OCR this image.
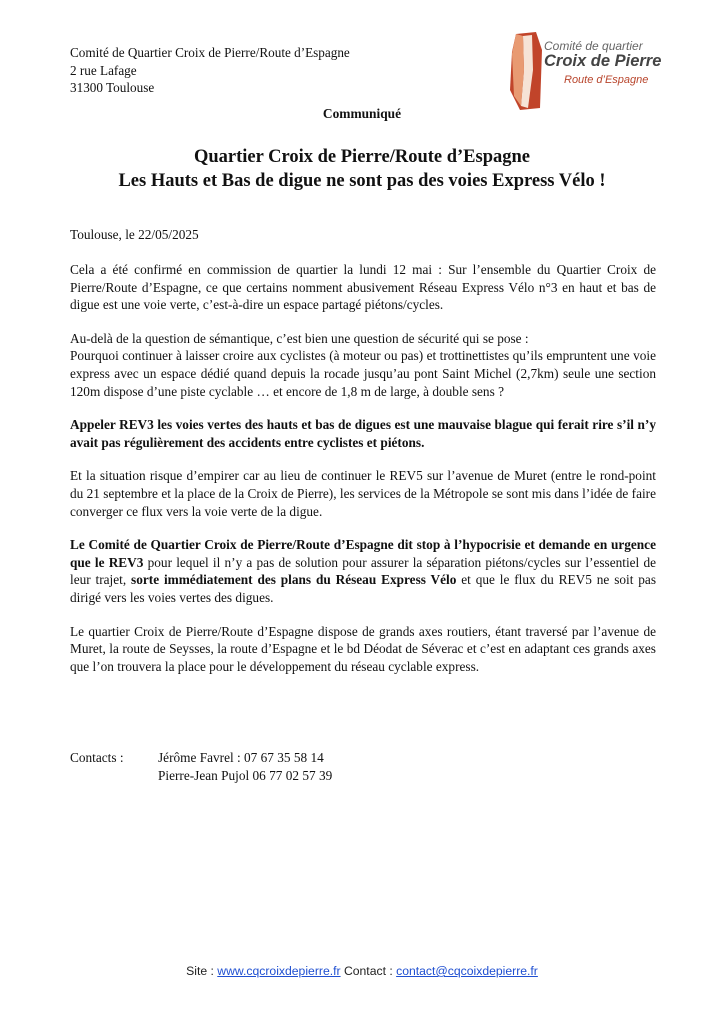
Comité de Quartier Croix de Pierre/Route d’Espagne
2 rue Lafage
31300 Toulouse
Comité de quartier
Croix de Pierre
Route d’Espagne
Communiqué
Quartier Croix de Pierre/Route d’Espagne
Les Hauts et Bas de digue ne sont pas des voies Express Vélo !
Toulouse, le 22/05/2025

Cela a été confirmé en commission de quartier la lundi 12 mai : Sur l’ensemble du Quartier Croix de Pierre/Route d’Espagne, ce que certains nomment abusivement Réseau Express Vélo n°3 en haut et bas de digue est une voie verte, c’est-à-dire un espace partagé piétons/cycles.

Au-delà de la question de sémantique, c’est bien une question de sécurité qui se pose :
Pourquoi continuer à laisser croire aux cyclistes (à moteur ou pas) et trottinettistes qu’ils empruntent une voie express avec un espace dédié quand depuis la rocade jusqu’au pont Saint Michel (2,7km) seule une section 120m dispose d’une piste cyclable … et encore de 1,8 m de large, à double sens ?

Appeler REV3 les voies vertes des hauts et bas de digues est une mauvaise blague qui ferait rire s’il n’y avait pas régulièrement des accidents entre cyclistes et piétons.

Et la situation risque d’empirer car au lieu de continuer le REV5 sur l’avenue de Muret (entre le rond-point du 21 septembre et la place de la Croix de Pierre), les services de la Métropole se sont mis dans l’idée de faire converger ce flux vers la voie verte de la digue.

Le Comité de Quartier Croix de Pierre/Route d’Espagne dit stop à l’hypocrisie et demande en urgence que le REV3 pour lequel il n’y a pas de solution pour assurer la séparation piétons/cycles sur l’essentiel de leur trajet, sorte immédiatement des plans du Réseau Express Vélo et que le flux du REV5 ne soit pas dirigé vers les voies vertes des digues.

Le quartier Croix de Pierre/Route d’Espagne dispose de grands axes routiers, étant traversé par l’avenue de Muret, la route de Seysses, la route d’Espagne et le bd Déodat de Séverac et c’est en adaptant ces grands axes que l’on trouvera la place pour le développement du réseau cyclable express.

Contacts :	Jérôme Favrel : 07 67 35 58 14
Pierre-Jean Pujol 06 77 02 57 39
Site : www.cqcroixdepierre.fr Contact : contact@cqcoixdepierre.fr
